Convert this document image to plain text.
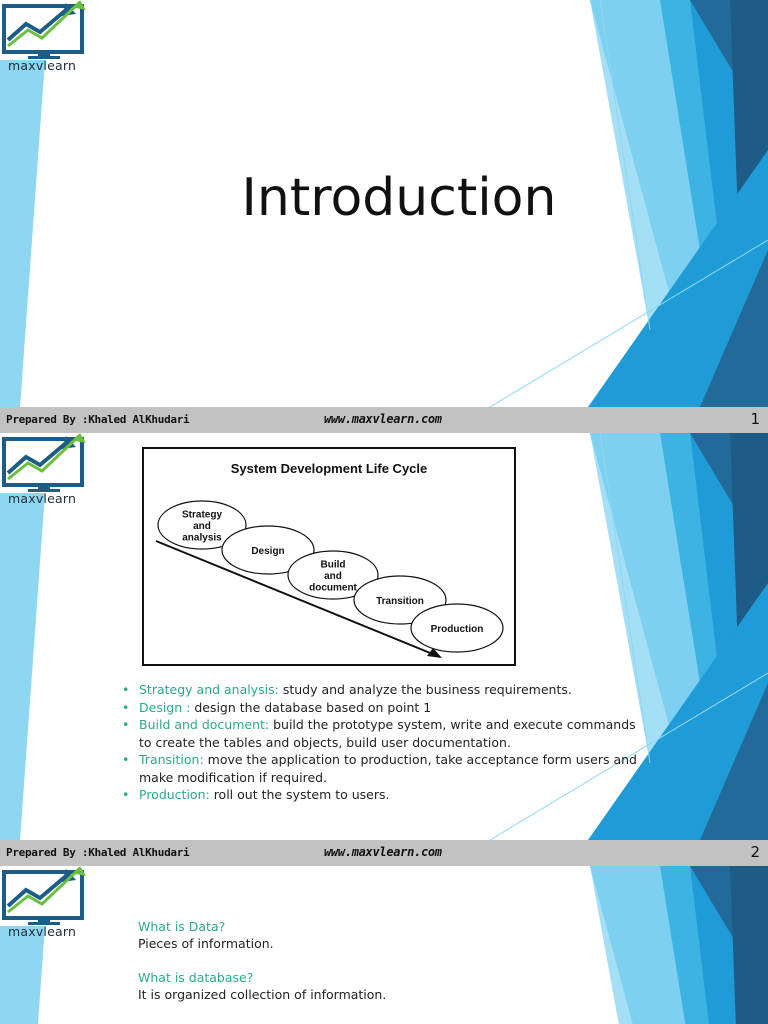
maxvlearn
Introduction
Prepared By :Khaled AlKhudari	www.maxvlearn.com	1
maxvlearn
System Development Life Cycle
Strategy
and
analysis
Design
Build
and
document
Transition
Production
• Strategy and analysis: study and analyze the business requirements.
• Design : design the database based on point 1
• Build and document: build the prototype system, write and execute commands to create the tables and objects, build user documentation.
• Transition: move the application to production, take acceptance form users and make modification if required.
• Production: roll out the system to users.
Prepared By :Khaled AlKhudari	www.maxvlearn.com	2
maxvlearn	What is Data?
Pieces of information.
What is database?
It is organized collection of information.
